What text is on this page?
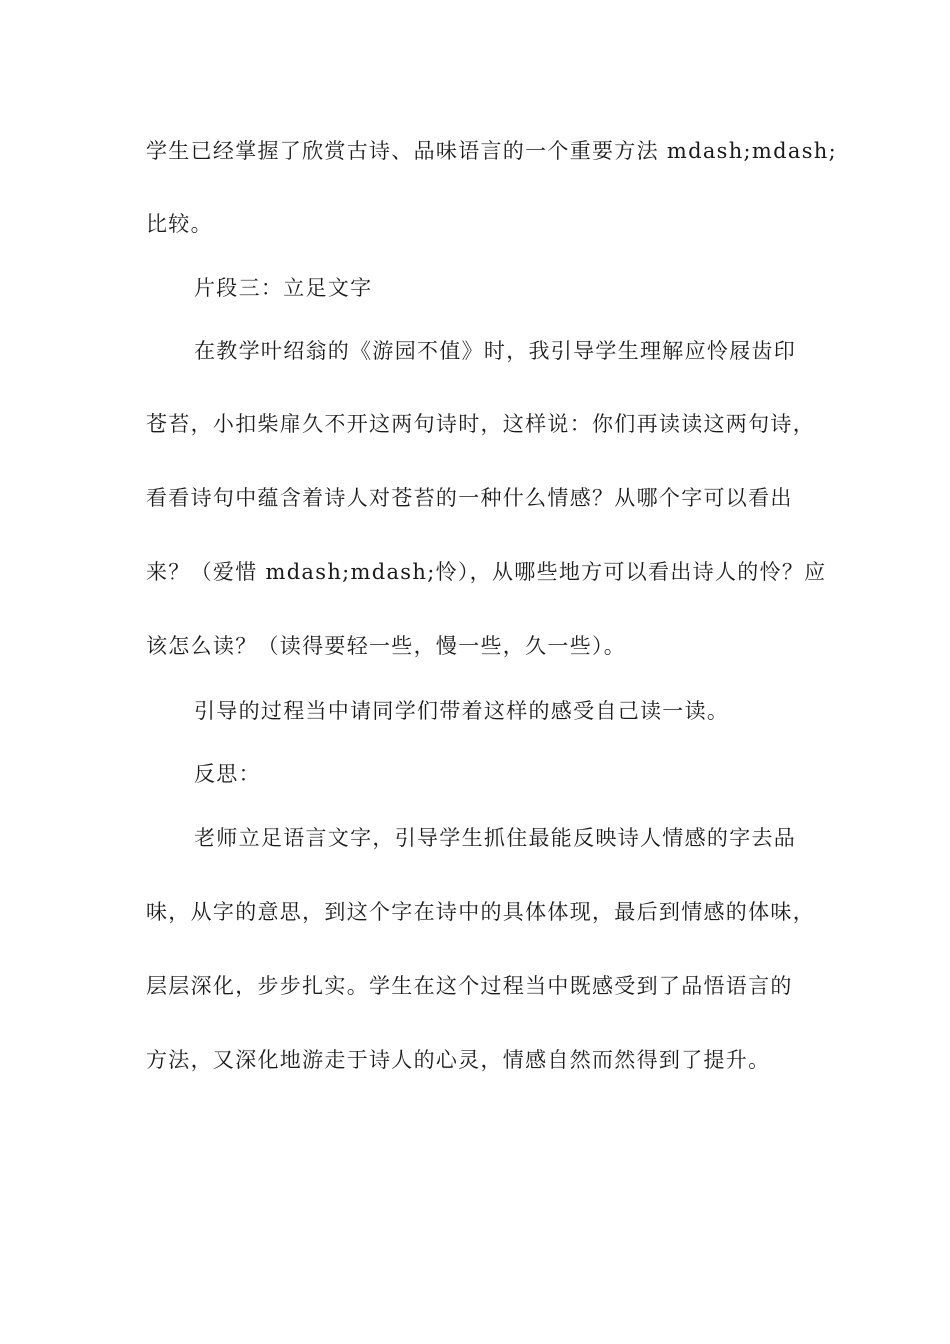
学生已经掌握了欣赏古诗、品味语言的一个重要方法 mdash;mdash;
比较。
片段三：立足文字
在教学叶绍翁的《游园不值》时，我引导学生理解应怜屐齿印
苍苔，小扣柴扉久不开这两句诗时，这样说：你们再读读这两句诗，
看看诗句中蕴含着诗人对苍苔的一种什么情感？从哪个字可以看出
来？（爱惜 mdash;mdash;怜），从哪些地方可以看出诗人的怜？应
该怎么读？（读得要轻一些，慢一些，久一些）。
引导的过程当中请同学们带着这样的感受自己读一读。
反思：
老师立足语言文字，引导学生抓住最能反映诗人情感的字去品
味，从字的意思，到这个字在诗中的具体体现，最后到情感的体味，
层层深化，步步扎实。学生在这个过程当中既感受到了品悟语言的
方法，又深化地游走于诗人的心灵，情感自然而然得到了提升。
